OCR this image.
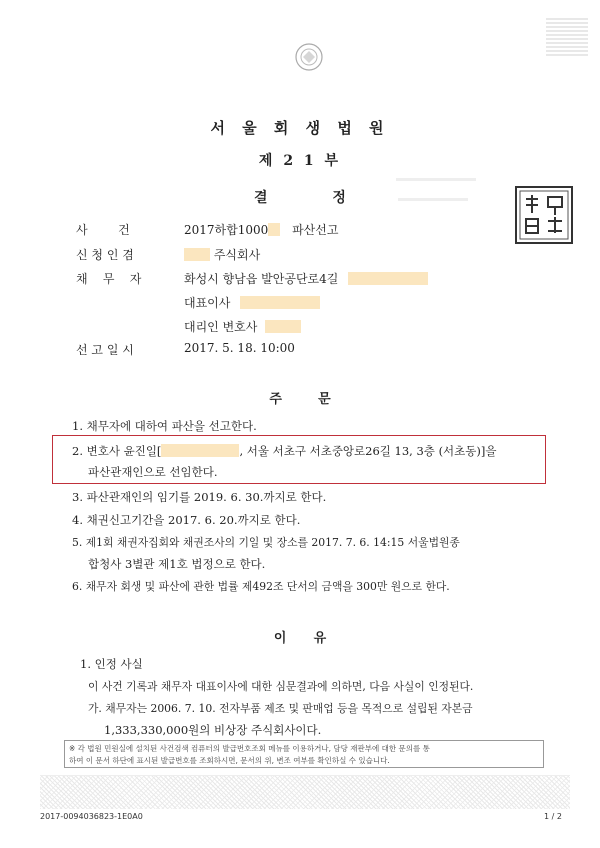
서 울 회 생 법 원
제 2 1 부
결 정
사        건	2017하합1000 파산선고
신 청 인 겸	주식회사
채    무    자	화성시 향남읍 발안공단로4길
대표이사
대리인 변호사
선 고 일 시	2017. 5. 18. 10:00
주        문
1. 채무자에 대하여 파산을 선고한다.
2. 변호사 윤진일[	, 서울 서초구 서초중앙로26길 13, 3층 (서초동)]을
파산관재인으로 선임한다.
3. 파산관재인의 임기를 2019. 6. 30.까지로 한다.
4. 채권신고기간을 2017. 6. 20.까지로 한다.
5. 제1회 채권자집회와 채권조사의 기일 및 장소를 2017. 7. 6. 14:15 서울법원종
합청사 3별관 제1호 법정으로 한다.
6. 채무자 회생 및 파산에 관한 법률 제492조 단서의 금액을 300만 원으로 한다.
이      유
1. 인정 사실
이 사건 기록과 채무자 대표이사에 대한 심문결과에 의하면, 다음 사실이 인정된다.
가. 채무자는 2006. 7. 10. 전자부품 제조 및 판매업 등을 목적으로 설립된 자본금
1,333,330,000원의 비상장 주식회사이다.
※ 각 법원 민원실에 설치된 사건검색 컴퓨터의 발급번호조회 메뉴를 이용하거나, 담당 재판부에 대한 문의를 통
하여 이 문서 하단에 표시된 발급번호를 조회하시면, 문서의 위, 변조 여부를 확인하실 수 있습니다.
2017-0094036823-1E0A0	1 / 2
